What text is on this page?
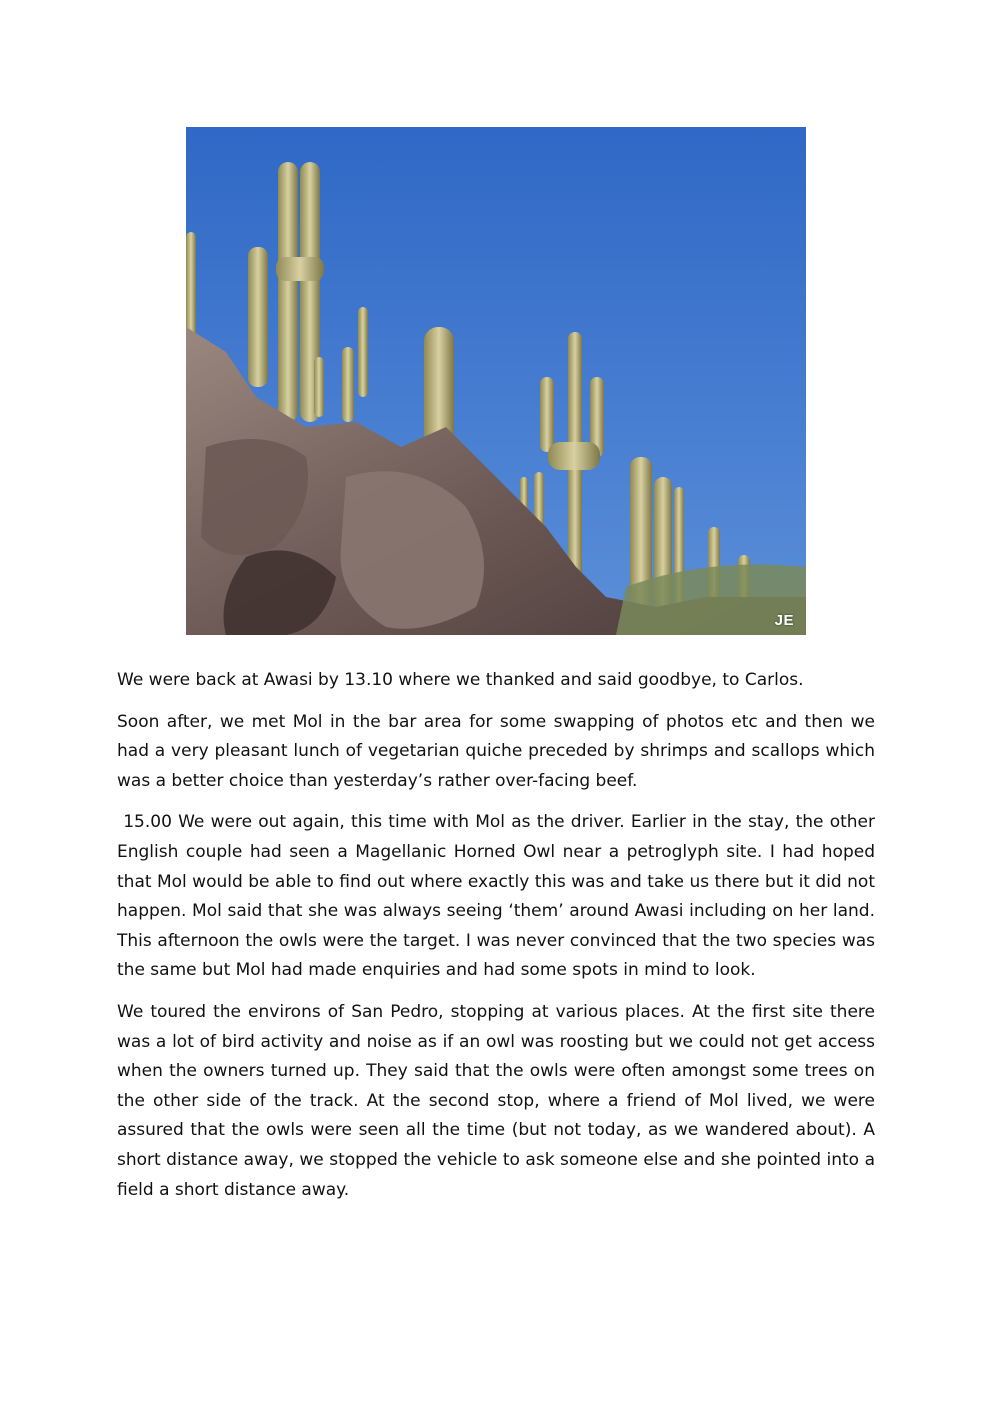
JE

We were back at Awasi by 13.10 where we thanked and said goodbye, to Carlos.

Soon after, we met Mol in the bar area for some swapping of photos etc and then we had a very pleasant lunch of vegetarian quiche preceded by shrimps and scallops which was a better choice than yesterday’s rather over-facing beef.

15.00 We were out again, this time with Mol as the driver. Earlier in the stay, the other English couple had seen a Magellanic Horned Owl near a petroglyph site. I had hoped that Mol would be able to find out where exactly this was and take us there but it did not happen. Mol said that she was always seeing ‘them’ around Awasi including on her land. This afternoon the owls were the target. I was never convinced that the two species was the same but Mol had made enquiries and had some spots in mind to look.

We toured the environs of San Pedro, stopping at various places. At the first site there was a lot of bird activity and noise as if an owl was roosting but we could not get access when the owners turned up. They said that the owls were often amongst some trees on the other side of the track. At the second stop, where a friend of Mol lived, we were assured that the owls were seen all the time (but not today, as we wandered about). A short distance away, we stopped the vehicle to ask someone else and she pointed into a field a short distance away.
